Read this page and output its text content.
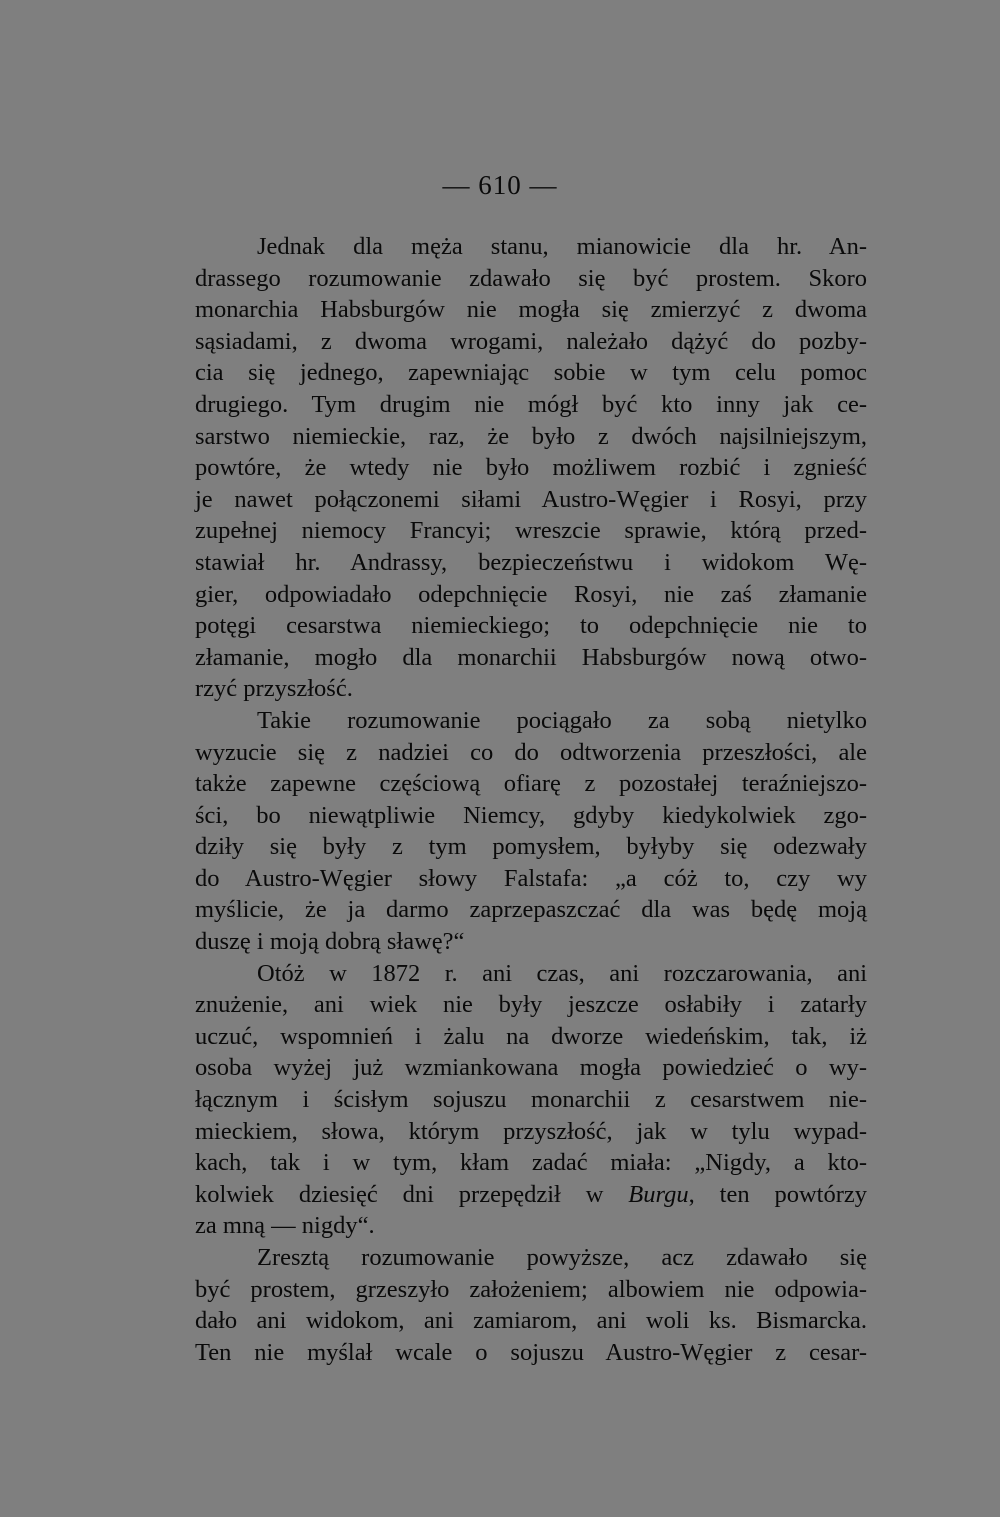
— 610 —
Jednak dla męża stanu, mianowicie dla hr. An-
drassego rozumowanie zdawało się być prostem. Skoro
monarchia Habsburgów nie mogła się zmierzyć z dwoma
sąsiadami, z dwoma wrogami, należało dążyć do pozby-
cia się jednego, zapewniając sobie w tym celu pomoc
drugiego. Tym drugim nie mógł być kto inny jak ce-
sarstwo niemieckie, raz, że było z dwóch najsilniejszym,
powtóre, że wtedy nie było możliwem rozbić i zgnieść
je nawet połączonemi siłami Austro-Węgier i Rosyi, przy
zupełnej niemocy Francyi; wreszcie sprawie, którą przed-
stawiał hr. Andrassy, bezpieczeństwu i widokom Wę-
gier, odpowiadało odepchnięcie Rosyi, nie zaś złamanie
potęgi cesarstwa niemieckiego; to odepchnięcie nie to
złamanie, mogło dla monarchii Habsburgów nową otwo-
rzyć przyszłość.
Takie rozumowanie pociągało za sobą nietylko
wyzucie się z nadziei co do odtworzenia przeszłości, ale
także zapewne częściową ofiarę z pozostałej teraźniejszo-
ści, bo niewątpliwie Niemcy, gdyby kiedykolwiek zgo-
dziły się były z tym pomysłem, byłyby się odezwały
do Austro-Węgier słowy Falstafa: „a cóż to, czy wy
myślicie, że ja darmo zaprzepaszczać dla was będę moją
duszę i moją dobrą sławę?“
Otóż w 1872 r. ani czas, ani rozczarowania, ani
znużenie, ani wiek nie były jeszcze osłabiły i zatarły
uczuć, wspomnień i żalu na dworze wiedeńskim, tak, iż
osoba wyżej już wzmiankowana mogła powiedzieć o wy-
łącznym i ścisłym sojuszu monarchii z cesarstwem nie-
mieckiem, słowa, którym przyszłość, jak w tylu wypad-
kach, tak i w tym, kłam zadać miała: „Nigdy, a kto-
kolwiek dziesięć dni przepędził w Burgu, ten powtórzy
za mną — nigdy“.
Zresztą rozumowanie powyższe, acz zdawało się
być prostem, grzeszyło założeniem; albowiem nie odpowia-
dało ani widokom, ani zamiarom, ani woli ks. Bismarcka.
Ten nie myślał wcale o sojuszu Austro-Węgier z cesar-
